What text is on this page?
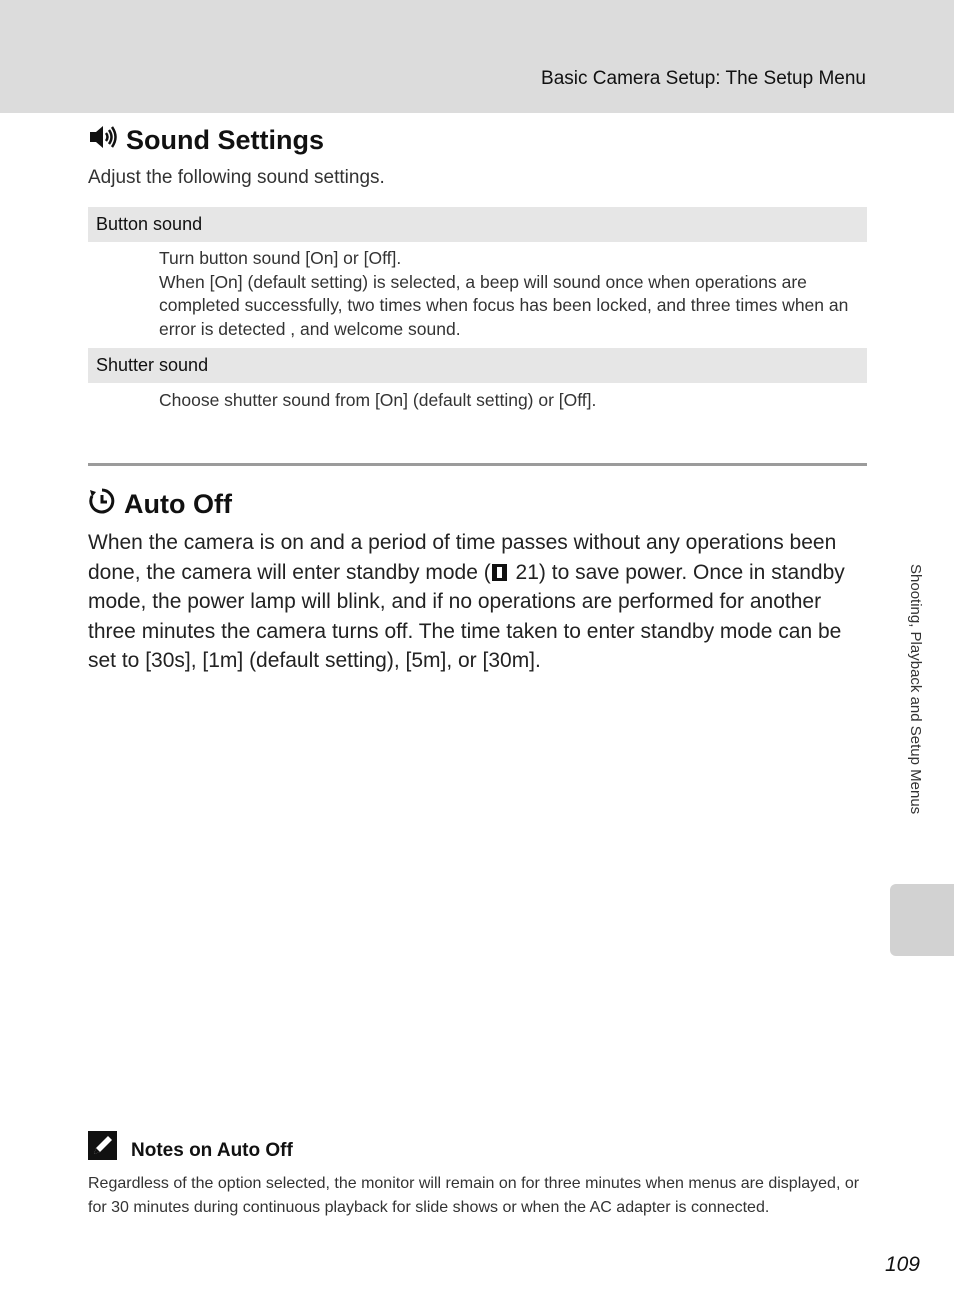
Basic Camera Setup: The Setup Menu
Sound Settings
Adjust the following sound settings.
Button sound

Turn button sound [On] or [Off].

When [On] (default setting) is selected, a beep will sound once when operations are completed successfully, two times when focus has been locked, and three times when an error is detected , and welcome sound.

Shutter sound

Choose shutter sound from [On] (default setting) or [Off].

Auto Off
When the camera is on and a period of time passes without any operations been done, the camera will enter standby mode ( 21) to save power. Once in standby mode, the power lamp will blink, and if no operations are performed for another three minutes the camera turns off. The time taken to enter standby mode can be set to [30s], [1m] (default setting), [5m], or [30m].	Shooting, Playback and Setup Menus
Notes on Auto Off
Regardless of the option selected, the monitor will remain on for three minutes when menus are displayed, or for 30 minutes during continuous playback for slide shows or when the AC adapter is connected.
109
